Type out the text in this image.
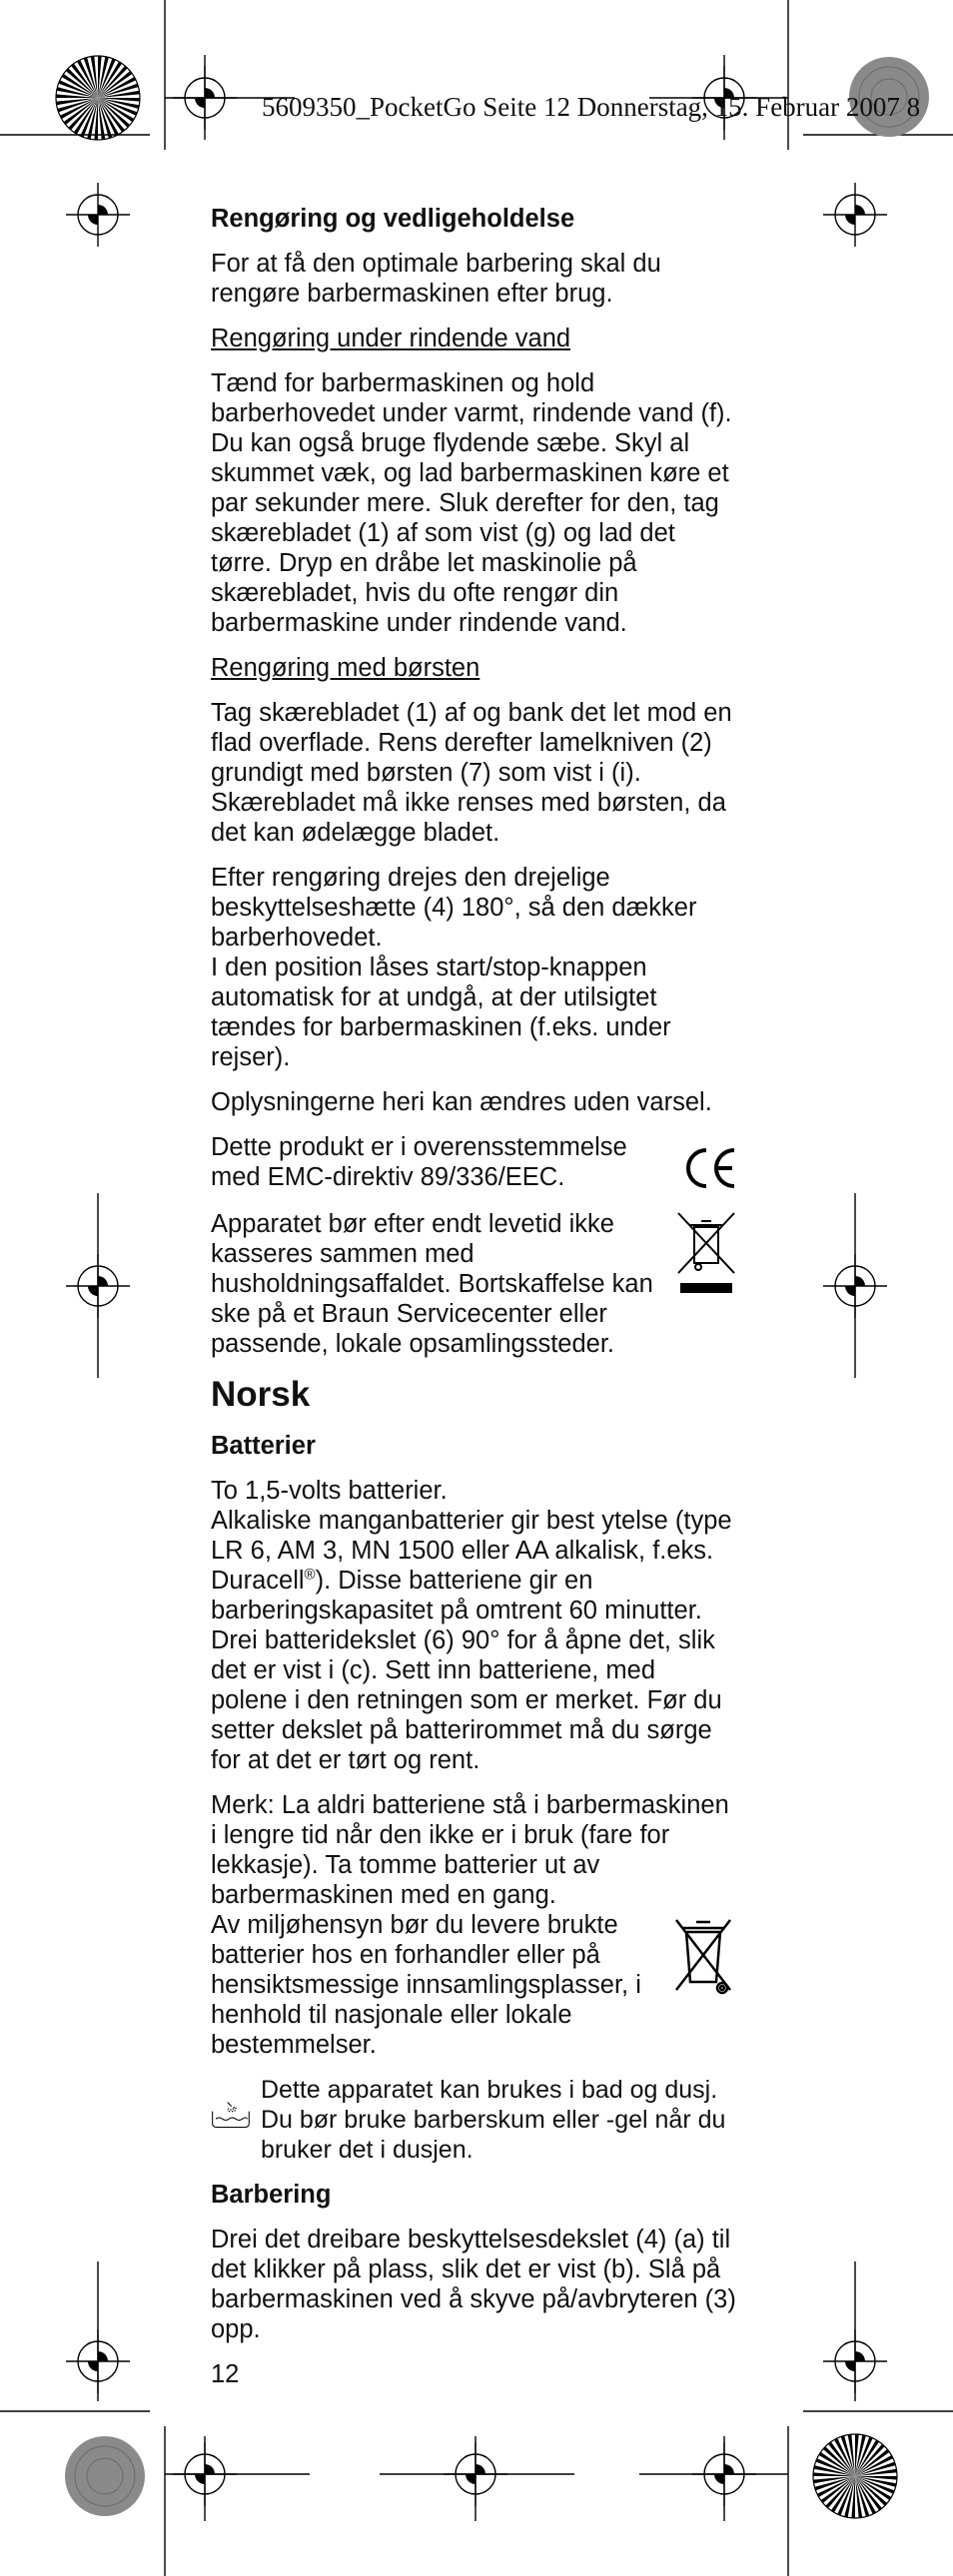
5609350_PocketGo Seite 12 Donnerstag, 15. Februar 2007 8

Rengøring og vedligeholdelse

For at få den optimale barbering skal du rengøre barbermaskinen efter brug.

Rengøring under rindende vand

Tænd for barbermaskinen og hold barberhovedet under varmt, rindende vand (f). Du kan også bruge flydende sæbe. Skyl al skummet væk, og lad barbermaskinen køre et par sekunder mere. Sluk derefter for den, tag skærebladet (1) af som vist (g) og lad det tørre. Dryp en dråbe let maskinolie på skærebladet, hvis du ofte rengør din barbermaskine under rindende vand.

Rengøring med børsten

Tag skærebladet (1) af og bank det let mod en flad overflade. Rens derefter lamelkniven (2) grundigt med børsten (7) som vist i (i). Skærebladet må ikke renses med børsten, da det kan ødelægge bladet.

Efter rengøring drejes den drejelige beskyttelseshætte (4) 180°, så den dækker barberhovedet.

I den position låses start/stop-knappen automatisk for at undgå, at der utilsigtet tændes for barbermaskinen (f.eks. under rejser).

Oplysningerne heri kan ændres uden varsel.

Dette produkt er i overensstemmelse med EMC-direktiv 89/336/EEC.

Apparatet bør efter endt levetid ikke kasseres sammen med husholdningsaffaldet. Bortskaffelse kan ske på et Braun Servicecenter eller passende, lokale opsamlingssteder.

Norsk

Batterier

To 1,5-volts batterier.

Alkaliske manganbatterier gir best ytelse (type LR 6, AM 3, MN 1500 eller AA alkalisk, f.eks. Duracell®). Disse batteriene gir en barberingskapasitet på omtrent 60 minutter. Drei batteridekslet (6) 90° for å åpne det, slik det er vist i (c). Sett inn batteriene, med polene i den retningen som er merket. Før du setter dekslet på batterirommet må du sørge for at det er tørt og rent.

Merk: La aldri batteriene stå i barbermaskinen i lengre tid når den ikke er i bruk (fare for lekkasje). Ta tomme batterier ut av barbermaskinen med en gang.

Av miljøhensyn bør du levere brukte batterier hos en forhandler eller på hensiktsmessige innsamlingsplasser, i henhold til nasjonale eller lokale bestemmelser.

Dette apparatet kan brukes i bad og dusj. Du bør bruke barberskum eller -gel når du bruker det i dusjen.

Barbering

Drei det dreibare beskyttelsesdekslet (4) (a) til det klikker på plass, slik det er vist (b). Slå på barbermaskinen ved å skyve på/avbryteren (3) opp.

12
